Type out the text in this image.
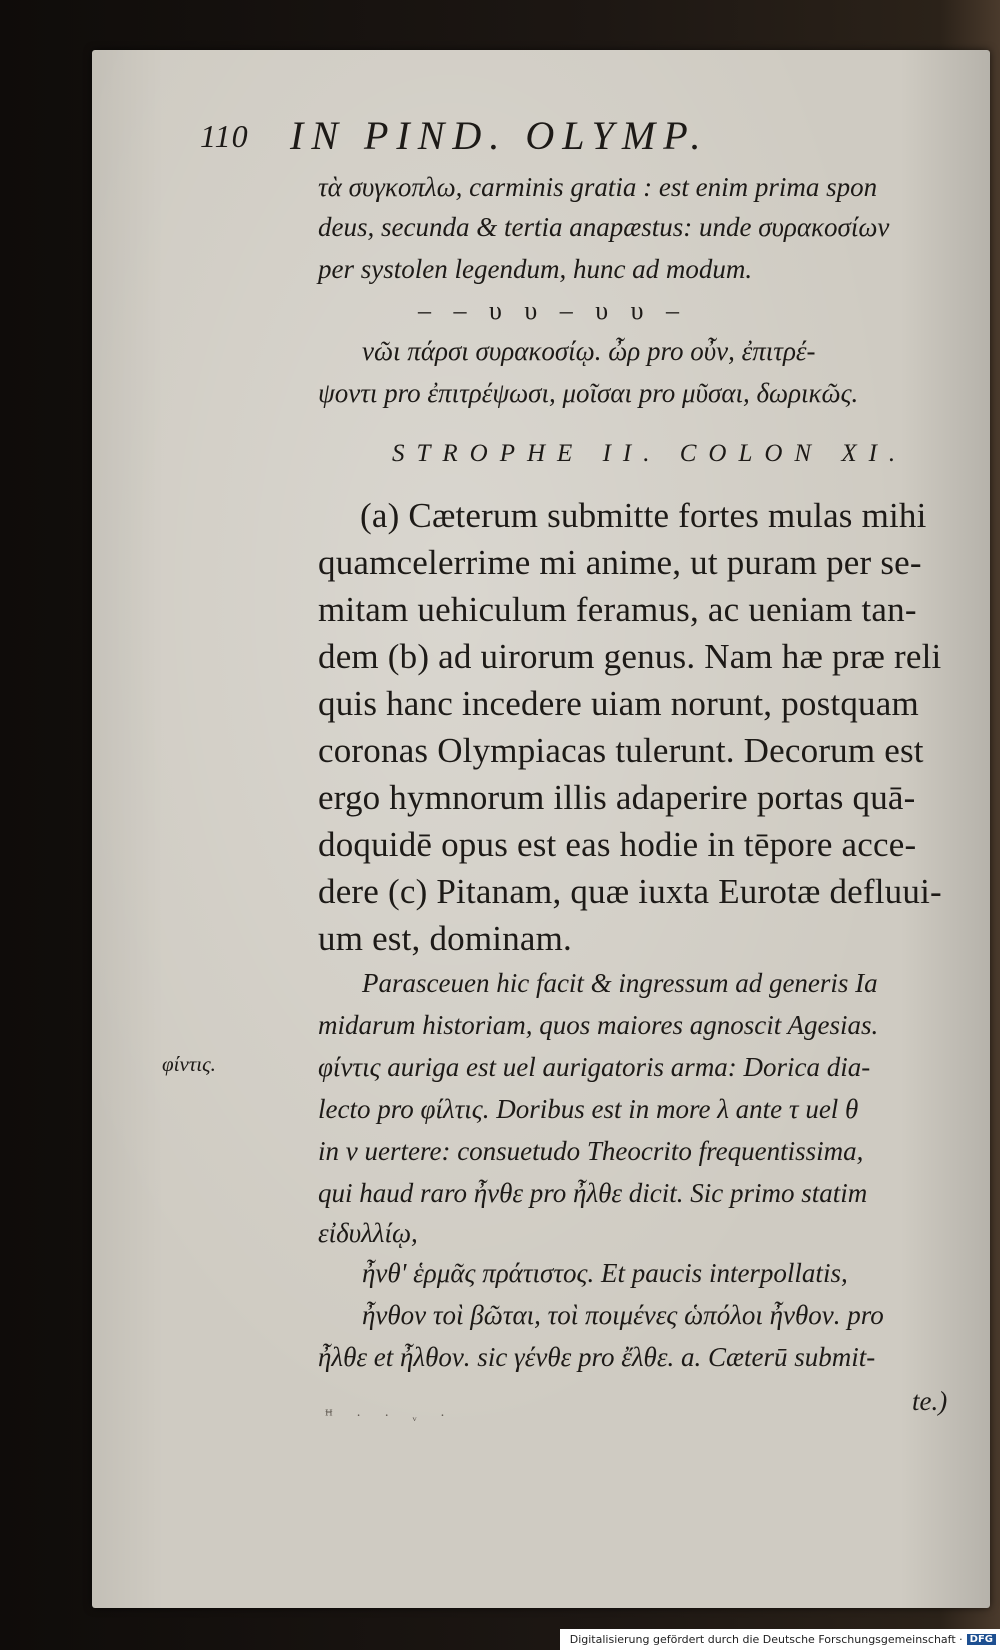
110 IN PIND. OLYMP.
τὰ συγκοπλω, carminis gratia : est enim prima spon
deus, secunda & tertia anapæstus: unde συρακοσίων
per systolen legendum, hunc ad modum.
‒ ‒ υ υ ‒ υ υ ‒
νῶι πάρσι συρακοσίῳ. ὦρ pro οὖν, ἐπιτρέ-
ψοντι pro ἐπιτρέψωσι, μοῖσαι pro μῦσαι, δωρικῶς.
STROPHE II. COLON XI.
(a) Cæterum submitte fortes mulas mihi
quamcelerrime mi anime, ut puram per se-
mitam uehiculum feramus, ac ueniam tan-
dem (b) ad uirorum genus. Nam hæ præ reli
quis hanc incedere uiam norunt, postquam
coronas Olympiacas tulerunt. Decorum est
ergo hymnorum illis adaperire portas quā-
doquidē opus est eas hodie in tēpore acce-
dere (c) Pitanam, quæ iuxta Eurotæ defluui-
um est, dominam.
Parasceuen hic facit & ingressum ad generis Ia
midarum historiam, quos maiores agnoscit Agesias.
φίντις auriga est uel aurigatoris arma: Dorica dia-
lecto pro φίλτις. Doribus est in more λ ante τ uel θ
in ν uertere: consuetudo Theocrito frequentissima,
qui haud raro ἦνθε pro ἦλθε dicit. Sic primo statim
εἰδυλλίῳ,
ἦνθ' ἑρμᾶς πράτιστος. Et paucis interpollatis,
ἦνθον τοὶ βῶται, τοὶ ποιμένες ὡπόλοι ἦνθον. pro
ἦλθε et ἦλθον. sic γένθε pro ἔλθε. a. Cæterū submit-
te.)
φίντις.
ꟸ · · ᵥ ·
Digitalisierung gefördert durch die Deutsche Forschungsgemeinschaft · DFG
